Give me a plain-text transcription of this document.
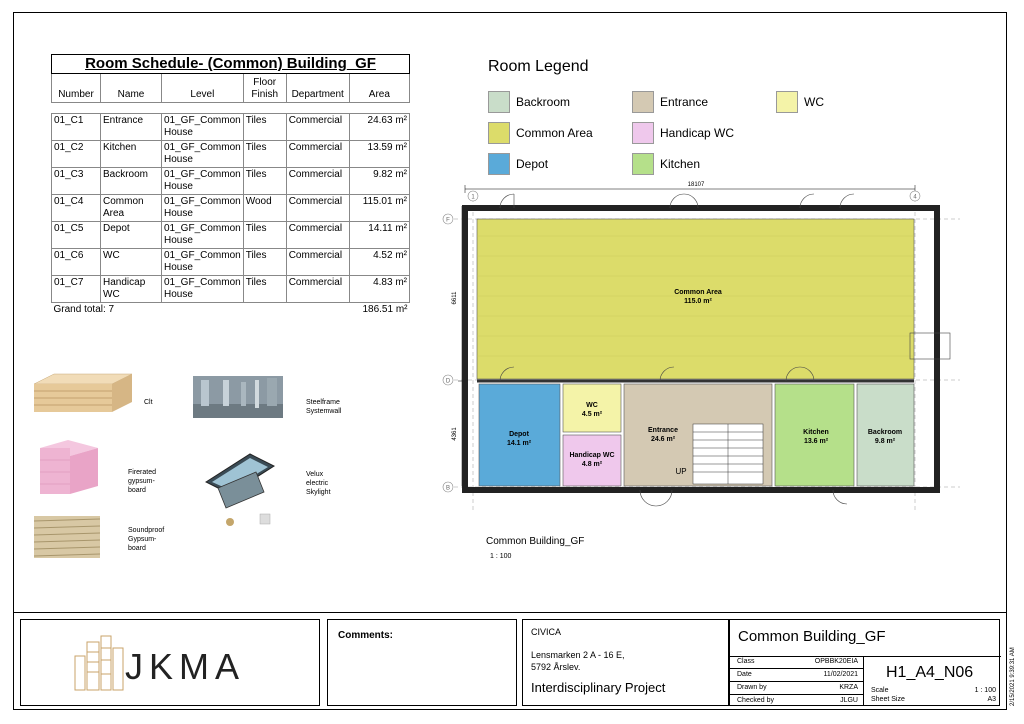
Room Schedule- (Common) Building_GF					
Number	Name	Level	Floor Finish	Department	Area

01_C1	Entrance	01_GF_Common House	Tiles	Commercial	24.63 m²
01_C2	Kitchen	01_GF_Common House	Tiles	Commercial	13.59 m²
01_C3	Backroom	01_GF_Common House	Tiles	Commercial	9.82 m²
01_C4	Common Area	01_GF_Common House	Wood	Commercial	115.01 m²
01_C5	Depot	01_GF_Common House	Tiles	Commercial	14.11 m²
01_C6	WC	01_GF_Common House	Tiles	Commercial	4.52 m²
01_C7	Handicap WC	01_GF_Common House	Tiles	Commercial	4.83 m²
Grand total: 7					186.51 m²
Room Legend
Backroom	Entrance	WC
Common Area	Handicap WC
Depot	Kitchen
Clt	Steelframe Systemwall
Firerated gypsum-board
Velux electric Skylight
Soundproof Gypsum-board
F
D
B
1	4
18107
6611
4361
UP
Common Area
115.0 m²
Depot
14.1 m²
WC
4.5 m²
Handicap WC
4.8 m²
Entrance
24.6 m²
Kitchen
13.6 m²
Backroom
9.8 m²
Common Building_GF
1 : 100
JKMA
Comments:	CIVICA
Lensmarken 2 A - 16 E,
5792 Årslev.
Interdisciplinary Project
Common Building_GF
Class	OPBBK20EIA
Date	11/02/2021
Drawn by	KRZA
Checked by	JLGU
H1_A4_N06
Scale	1 : 100
Sheet Size	A3 2/15/2021 9:39:31 AM
